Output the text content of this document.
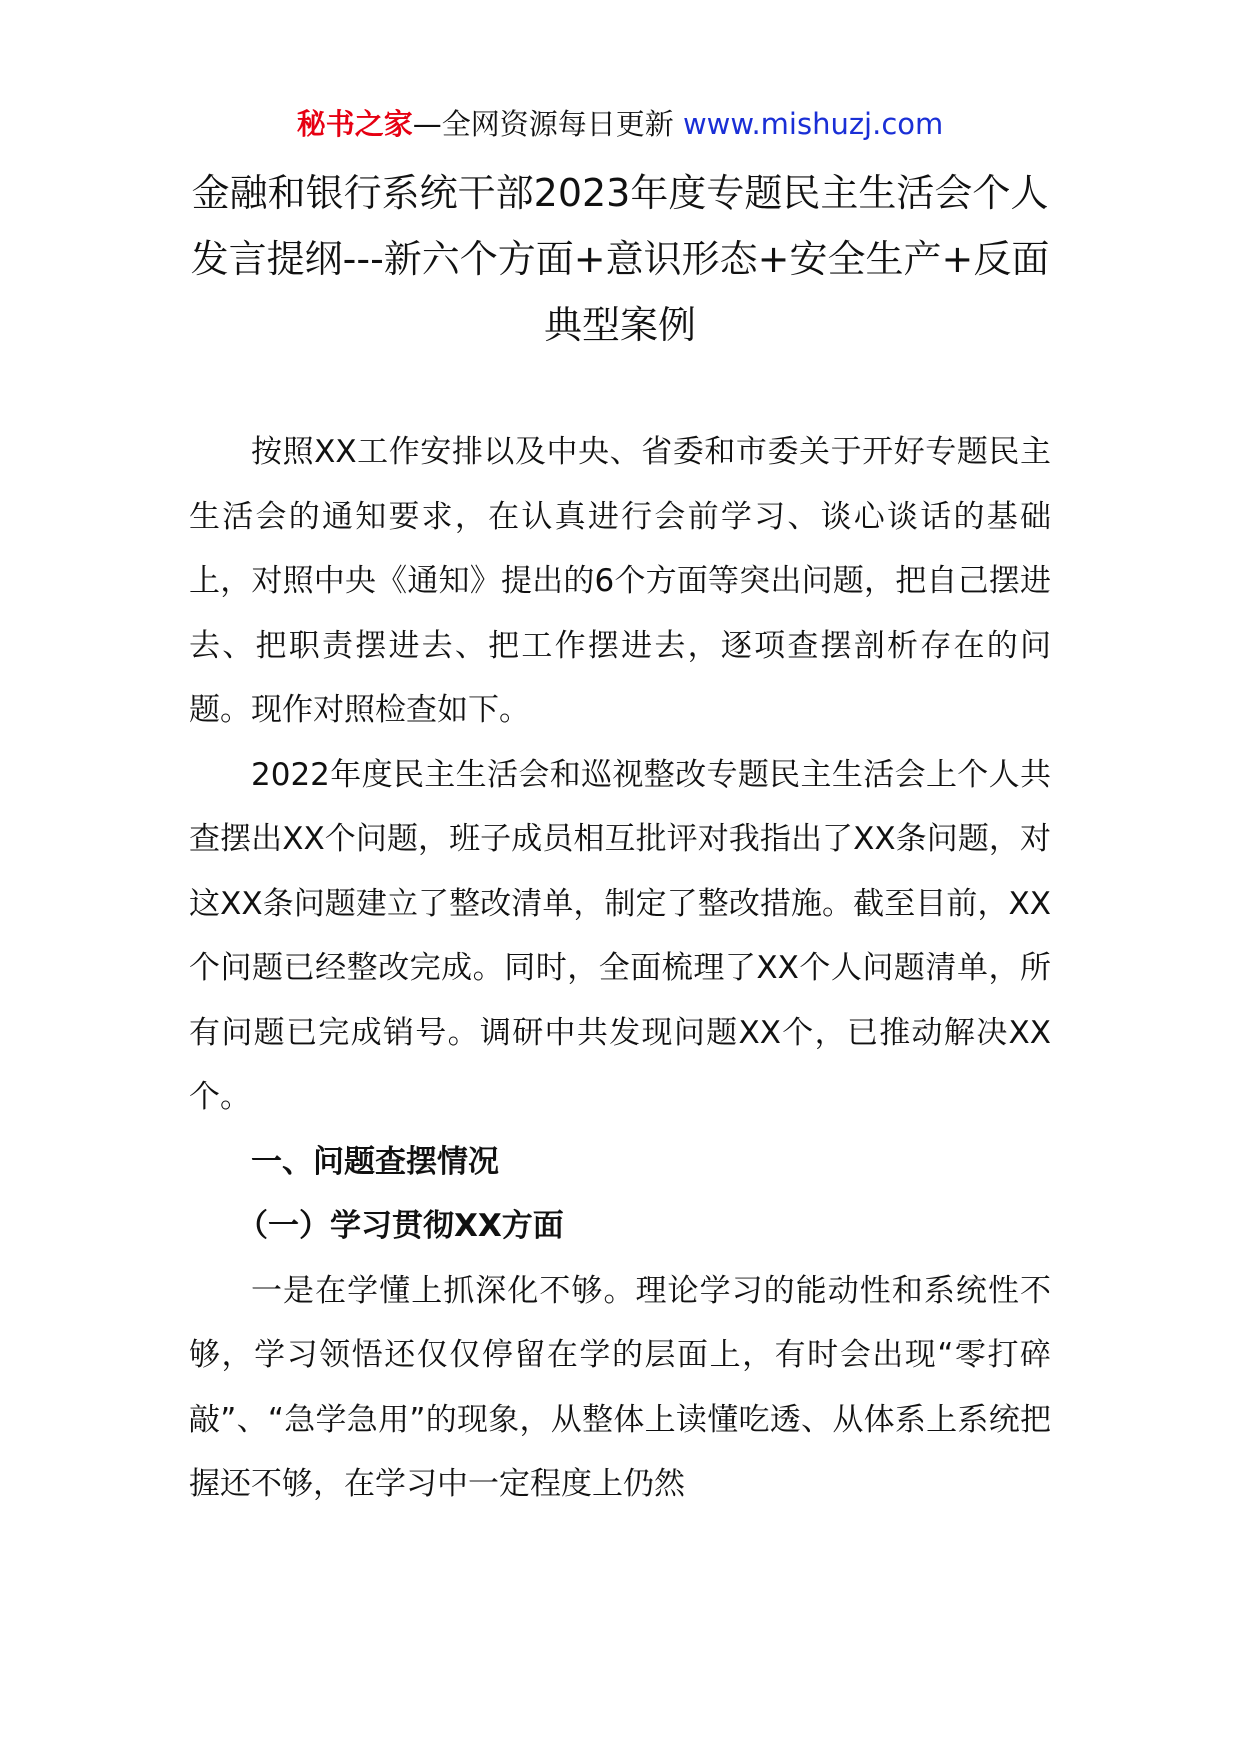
秘书之家—全网资源每日更新 www.mishuzj.com
金融和银行系统干部2023年度专题民主生活会个人发言提纲---新六个方面+意识形态+安全生产+反面典型案例

按照XX工作安排以及中央、省委和市委关于开好专题民主生活会的通知要求，在认真进行会前学习、谈心谈话的基础上，对照中央《通知》提出的6个方面等突出问题，把自己摆进去、把职责摆进去、把工作摆进去，逐项查摆剖析存在的问题。现作对照检查如下。

2022年度民主生活会和巡视整改专题民主生活会上个人共查摆出XX个问题，班子成员相互批评对我指出了XX条问题，对这XX条问题建立了整改清单，制定了整改措施。截至目前，XX个问题已经整改完成。同时，全面梳理了XX个人问题清单，所有问题已完成销号。调研中共发现问题XX个，已推动解决XX个。

一、问题查摆情况

（一）学习贯彻XX方面

一是在学懂上抓深化不够。理论学习的能动性和系统性不够，学习领悟还仅仅停留在学的层面上，有时会出现“零打碎敲”、“急学急用”的现象，从整体上读懂吃透、从体系上系统把握还不够，在学习中一定程度上仍然
